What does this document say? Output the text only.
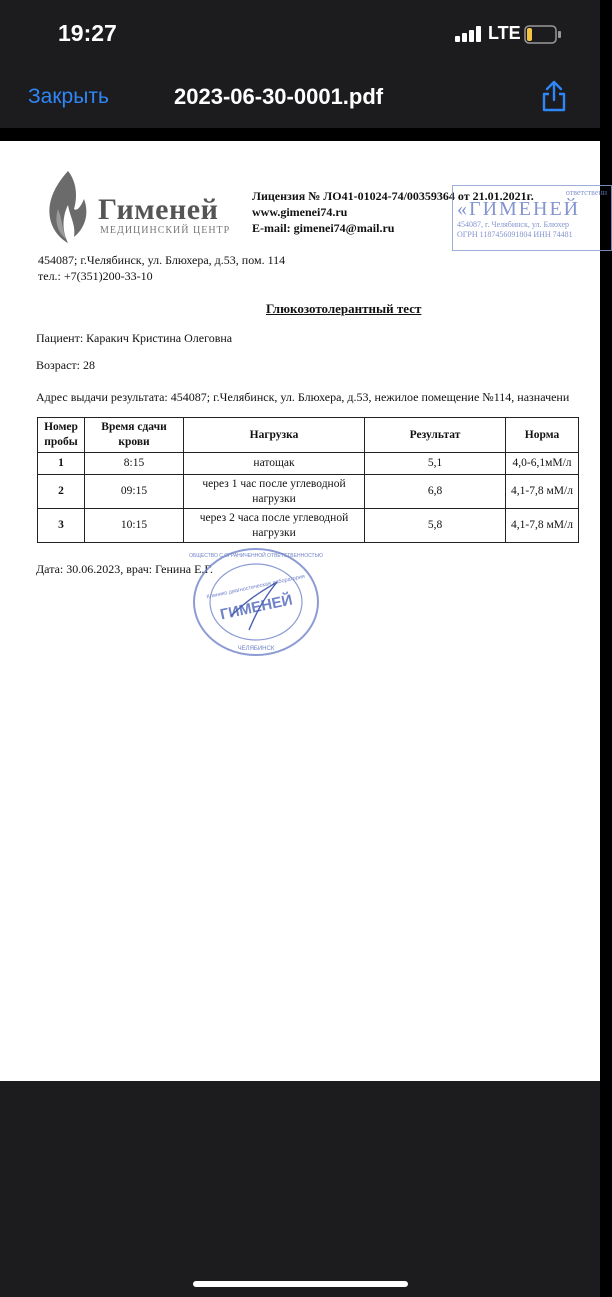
19:27	LTE
Закрыть	2023-06-30-0001.pdf
Гименей
МЕДИЦИНСКИЙ ЦЕНТР
Лицензия № ЛО41-01024-74/00359364 от 21.01.2021г.
www.gimenei74.ru
E-mail: gimenei74@mail.ru
ответственн
«ГИМЕНЕЙ
454087, г. Челябинск, ул. Блюхер
ОГРН 1187456091804 ИНН 74481
454087; г.Челябинск, ул. Блюхера, д.53, пом. 114
тел.: +7(351)200-33-10
Глюкозотолерантный тест
Пациент: Каракич Кристина Олеговна
Возраст: 28
Адрес выдачи результата: 454087; г.Челябинск, ул. Блюхера, д.53, нежилое помещение №114, назначени
Номер пробы	Время сдачи крови	Нагрузка	Результат	Норма
1	8:15	натощак	5,1	4,0-6,1мМ/л
2	09:15	через 1 час после углеводной нагрузки	6,8	4,1-7,8 мМ/л
3	10:15	через 2 часа после углеводной нагрузки	5,8	4,1-7,8 мМ/л
Дата: 30.06.2023, врач: Генина Е.Г.
ГИМЕНЕЙ
Клинико диагностическая лаборатория
ЧЕЛЯБИНСК
ОБЩЕСТВО С ОГРАНИЧЕННОЙ ОТВЕТСТВЕННОСТЬЮ
